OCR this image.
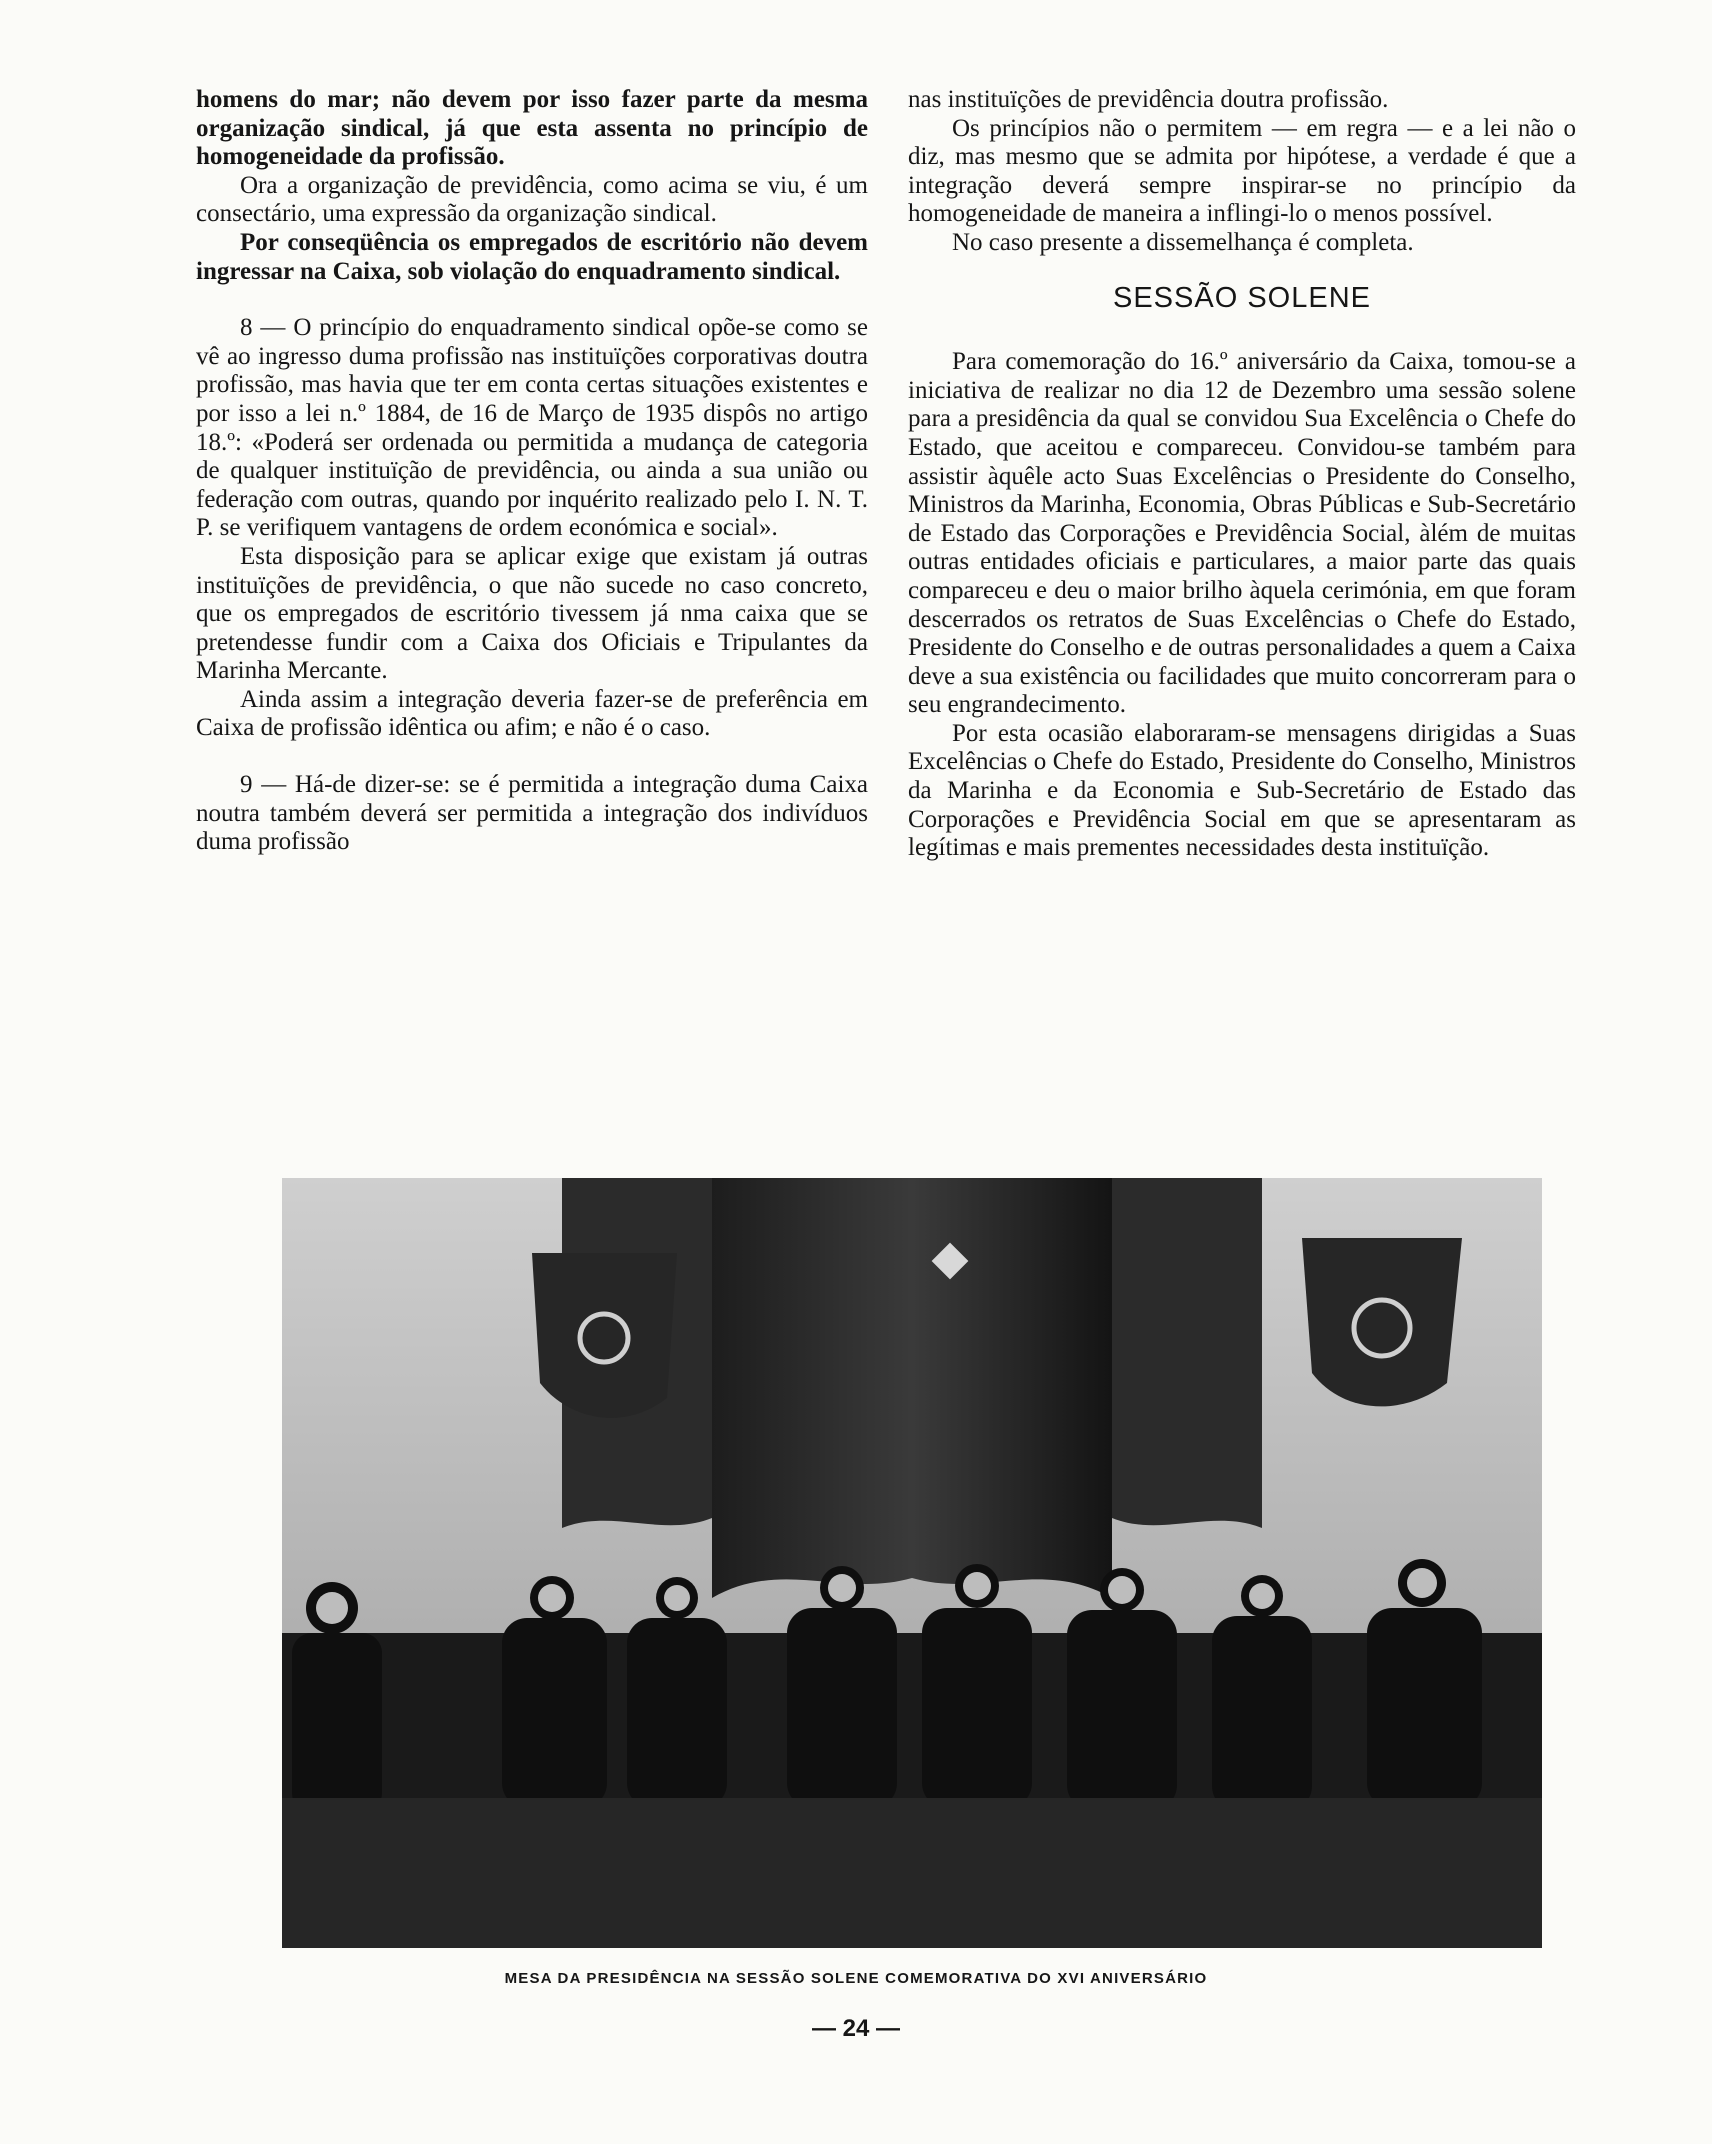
homens do mar; não devem por isso fazer parte da mesma organização sindical, já que esta assenta no princípio de homogeneidade da profissão.

Ora a organização de previdência, como acima se viu, é um consectário, uma expressão da organização sindical.

Por conseqüência os empregados de escritório não devem ingressar na Caixa, sob violação do enquadramento sindical.

8 — O princípio do enquadramento sindical opõe-se como se vê ao ingresso duma profissão nas instituïções corporativas doutra profissão, mas havia que ter em conta certas situações existentes e por isso a lei n.º 1884, de 16 de Março de 1935 dispôs no artigo 18.º: «Poderá ser ordenada ou permitida a mudança de categoria de qualquer instituïção de previdência, ou ainda a sua união ou federação com outras, quando por inquérito realizado pelo I. N. T. P. se verifiquem vantagens de ordem económica e social».

Esta disposição para se aplicar exige que existam já outras instituïções de previdência, o que não sucede no caso concreto, que os empregados de escritório tivessem já nma caixa que se pretendesse fundir com a Caixa dos Oficiais e Tripulantes da Marinha Mercante.

Ainda assim a integração deveria fazer-se de preferência em Caixa de profissão idêntica ou afim; e não é o caso.

9 — Há-de dizer-se: se é permitida a integração duma Caixa noutra também deverá ser permitida a integração dos indivíduos duma profissão

nas instituïções de previdência doutra profissão.

Os princípios não o permitem — em regra — e a lei não o diz, mas mesmo que se admita por hipótese, a verdade é que a integração deverá sempre inspirar-se no princípio da homogeneidade de maneira a inflingi-lo o menos possível.

No caso presente a dissemelhança é completa.

SESSÃO SOLENE

Para comemoração do 16.º aniversário da Caixa, tomou-se a iniciativa de realizar no dia 12 de Dezembro uma sessão solene para a presidência da qual se convidou Sua Excelência o Chefe do Estado, que aceitou e compareceu. Convidou-se também para assistir àquêle acto Suas Excelências o Presidente do Conselho, Ministros da Marinha, Economia, Obras Públicas e Sub-Secretário de Estado das Corporações e Previdência Social, àlém de muitas outras entidades oficiais e particulares, a maior parte das quais compareceu e deu o maior brilho àquela cerimónia, em que foram descerrados os retratos de Suas Excelências o Chefe do Estado, Presidente do Conselho e de outras personalidades a quem a Caixa deve a sua existência ou facilidades que muito concorreram para o seu engrandecimento.

Por esta ocasião elaboraram-se mensagens dirigidas a Suas Excelências o Chefe do Estado, Presidente do Conselho, Ministros da Marinha e da Economia e Sub-Secretário de Estado das Corporações e Previdência Social em que se apresentaram as legítimas e mais prementes necessidades desta instituïção.

MESA DA PRESIDÊNCIA NA SESSÃO SOLENE COMEMORATIVA DO XVI ANIVERSÁRIO
— 24 —
